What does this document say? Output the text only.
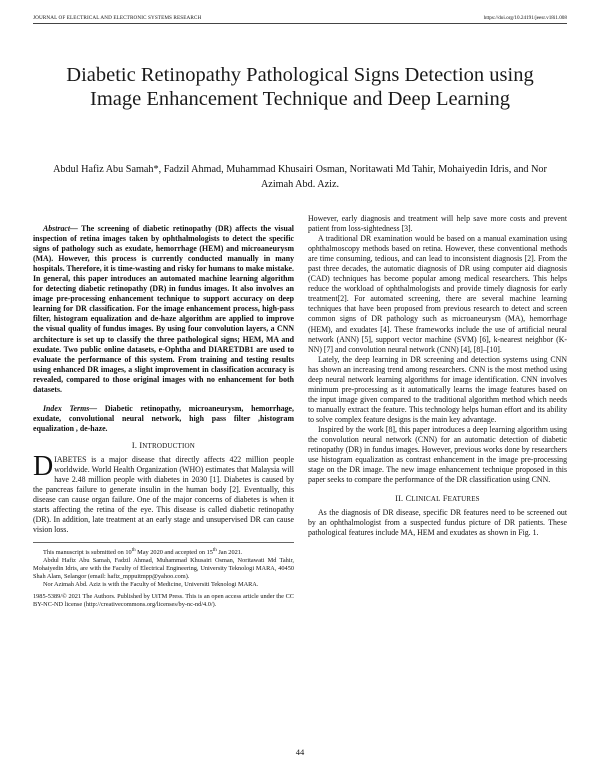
JOURNAL OF ELECTRICAL AND ELECTRONIC SYSTEMS RESEARCH	https://doi.org/10.24191/jeesr.v18i1.008
Diabetic Retinopathy Pathological Signs Detection using Image Enhancement Technique and Deep Learning
Abdul Hafiz Abu Samah*, Fadzil Ahmad, Muhammad Khusairi Osman, Noritawati Md Tahir, Mohaiyedin Idris, and Nor Azimah Abd. Aziz.

Abstract— The screening of diabetic retinopathy (DR) affects the visual inspection of retina images taken by ophthalmologists to detect the specific signs of pathology such as exudate, hemorrhage (HEM) and microaneurysm (MA). However, this process is currently conducted manually in many hospitals. Therefore, it is time-wasting and risky for humans to make mistake. In general, this paper introduces an automated machine learning algorithm for detecting diabetic retinopathy (DR) in fundus images. It also involves an image pre-processing enhancement technique to support accuracy on deep learning for DR classification. For the image enhancement process, high-pass filter, histogram equalization and de-haze algorithm are applied to improve the visual quality of fundus images. By using four convolution layers, a CNN architecture is set up to classify the three pathological signs; HEM, MA and exudate. Two public online datasets, e-Ophtha and DIARETDB1 are used to evaluate the performance of this system. From training and testing results using enhanced DR images, a slight improvement in classification accuracy is revealed, compared to those original images with no enhancement for both datasets.

Index Terms— Diabetic retinopathy, microaneurysm, hemorrhage, exudate, convolutional neural network, high pass filter ,histogram equalization , de-haze.

I. INTRODUCTION

DIABETES is a major disease that directly affects 422 million people worldwide. World Health Organization (WHO) estimates that Malaysia will have 2.48 million people with diabetes in 2030 [1]. Diabetes is caused by the pancreas failure to generate insulin in the human body [2]. Eventually, this disease can cause organ failure. One of the major concerns of diabetes is when it starts affecting the retina of the eye. This disease is called diabetic retinopathy (DR). In addition, late treatment at an early stage and unsupervised DR can cause vision loss.

This manuscript is submitted on 10th May 2020 and accepted on 15th Jan 2021.

Abdul Hafiz Abu Samah, Fadzil Ahmad, Muhammad Khusairi Osman, Noritawati Md Tahir, Mohaiyedin Idris, are with the Faculty of Electrical Engineering, University Teknologi MARA, 40450 Shah Alam, Selangor (email: hafiz_mppuitmpp@yahoo.com).

Nor Azimah Abd. Aziz is with the Faculty of Medicine, Universiti Teknologi MARA.

1985-5389/© 2021 The Authors. Published by UiTM Press. This is an open access article under the CC BY-NC-ND license (http://creativecommons.org/licenses/by-nc-nd/4.0/).

However, early diagnosis and treatment will help save more costs and prevent patient from loss-sightedness [3].

A traditional DR examination would be based on a manual examination using ophthalmoscopy methods based on retina. However, these conventional methods are time consuming, tedious, and can lead to inconsistent diagnosis [2]. From the past three decades, the automatic diagnosis of DR using computer aid diagnosis (CAD) techniques has become popular among medical researchers. This helps reduce the workload of ophthalmologists and provide timely diagnosis for early treatment[2]. For automated screening, there are several machine learning techniques that have been proposed from previous research to detect and screen common signs of DR pathology such as microaneurysm (MA), hemorrhage (HEM), and exudates [4]. These frameworks include the use of artificial neural network (ANN) [5], support vector machine (SVM) [6], k-nearest neighbor (K-NN) [7] and convolution neural network (CNN) [4], [8]–[10].

Lately, the deep learning in DR screening and detection systems using CNN has shown an increasing trend among researchers. CNN is the most method using deep neural network learning algorithms for image identification. CNN involves minimum pre-processing as it automatically learns the image features based on the input image given compared to the traditional algorithm method which needs to manually extract the feature. This technology helps human effort and its ability to solve complex feature designs is the main key advantage.

Inspired by the work [8], this paper introduces a deep learning algorithm using the convolution neural network (CNN) for an automatic detection of diabetic retinopathy (DR) in fundus images. However, previous works done by researchers use histogram equalization as contrast enhancement in the image pre-processing stage on the DR image. The new image enhancement technique proposed in this paper seeks to compare the performance of the DR classification using CNN.

II. CLINICAL FEATURES

As the diagnosis of DR disease, specific DR features need to be screened out by an ophthalmologist from a suspected fundus picture of DR patients. These pathological features include MA, HEM and exudates as shown in Fig. 1.

44
